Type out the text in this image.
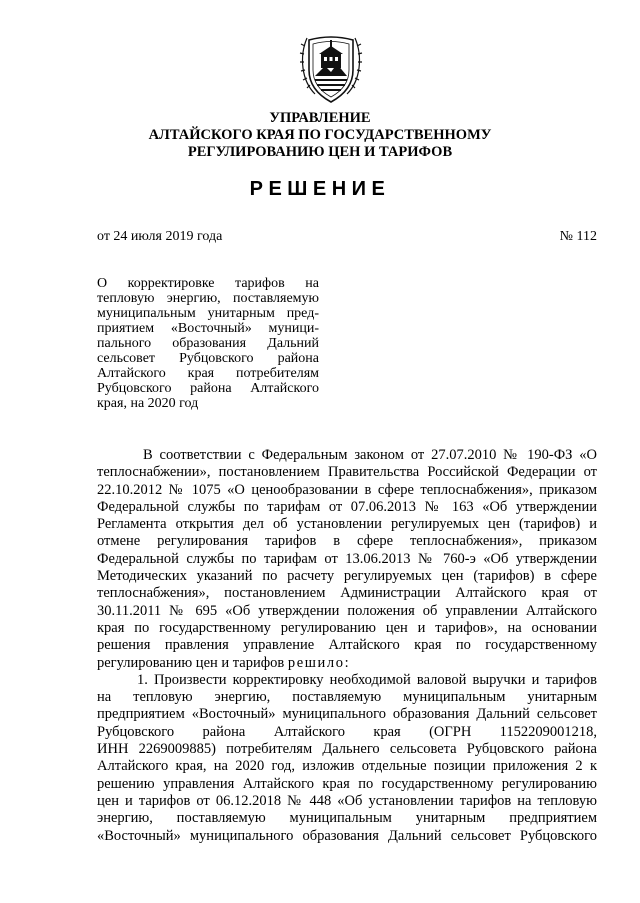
УПРАВЛЕНИЕ
АЛТАЙСКОГО КРАЯ ПО ГОСУДАРСТВЕННОМУ
РЕГУЛИРОВАНИЮ ЦЕН И ТАРИФОВ
РЕШЕНИЕ
от 24 июля 2019 года	№ 112
О корректировке тарифов на
тепловую энергию, поставляемую
муниципальным унитарным пред-
приятием «Восточный» муници-
пального образования Дальний
сельсовет Рубцовского района
Алтайского края потребителям
Рубцовского района Алтайского
края, на 2020 год
В соответствии с Федеральным законом от 27.07.2010 № 190-ФЗ «О
теплоснабжении», постановлением Правительства Российской Федерации от
22.10.2012 № 1075 «О ценообразовании в сфере теплоснабжения», приказом
Федеральной службы по тарифам от 07.06.2013 № 163 «Об утверждении
Регламента открытия дел об установлении регулируемых цен (тарифов) и
отмене регулирования тарифов в сфере теплоснабжения», приказом
Федеральной службы по тарифам от 13.06.2013 № 760-э «Об утверждении
Методических указаний по расчету регулируемых цен (тарифов) в сфере
теплоснабжения», постановлением Администрации Алтайского края от
30.11.2011 № 695 «Об утверждении положения об управлении Алтайского
края по государственному регулированию цен и тарифов», на основании
решения правления управление Алтайского края по государственному
регулированию цен и тарифов решило:
1. Произвести корректировку необходимой валовой выручки и тарифов
на тепловую энергию, поставляемую муниципальным унитарным
предприятием «Восточный» муниципального образования Дальний сельсовет
Рубцовского района Алтайского края (ОГРН 1152209001218,
ИНН 2269009885) потребителям Дальнего сельсовета Рубцовского района
Алтайского края, на 2020 год, изложив отдельные позиции приложения 2 к
решению управления Алтайского края по государственному регулированию
цен и тарифов от 06.12.2018 № 448 «Об установлении тарифов на тепловую
энергию, поставляемую муниципальным унитарным предприятием
«Восточный» муниципального образования Дальний сельсовет Рубцовского
